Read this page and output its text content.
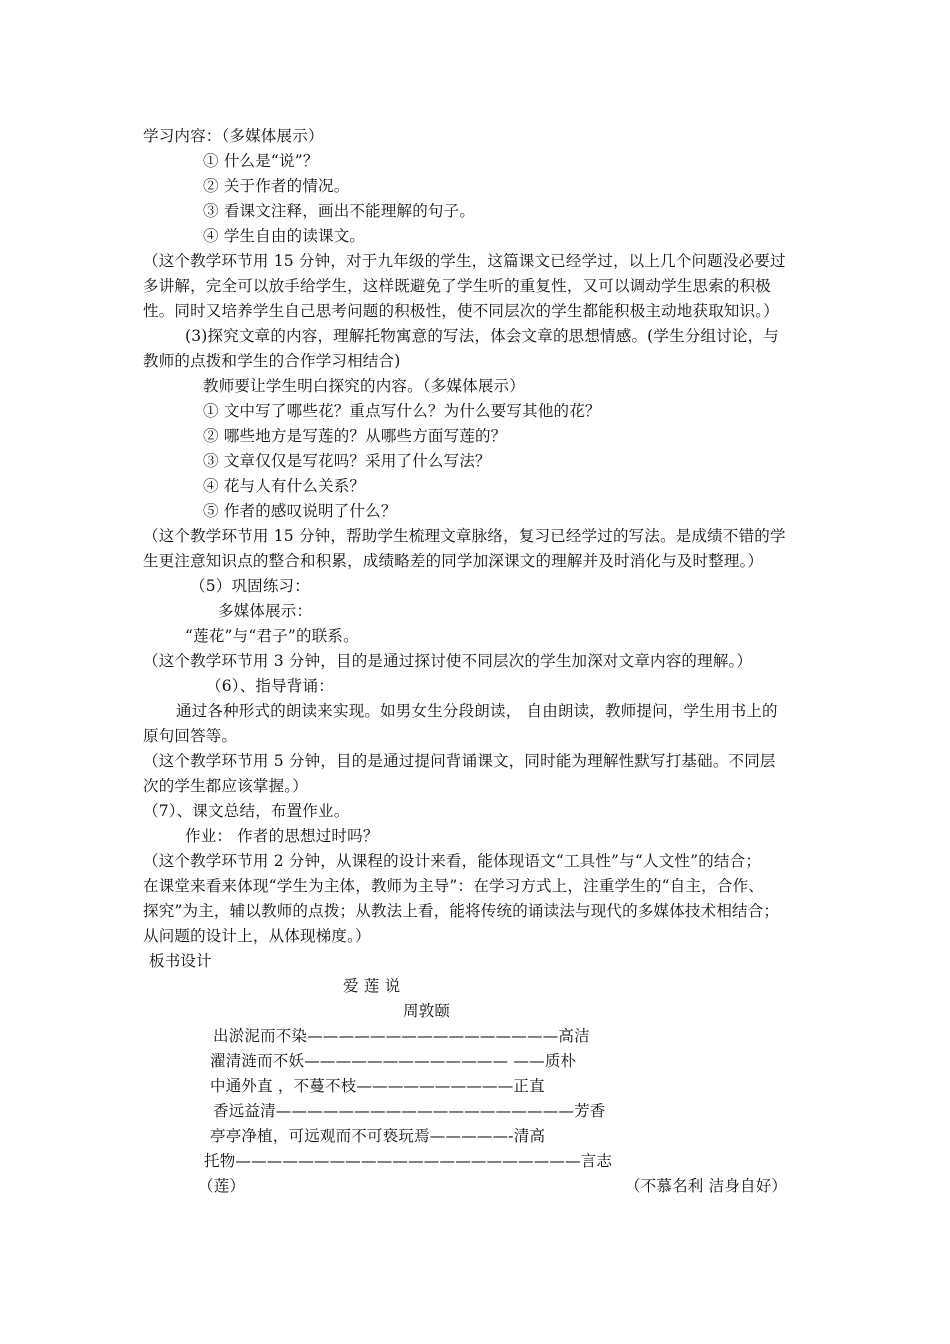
学习内容：（多媒体展示）
① 什么是“说”？
② 关于作者的情况。
③ 看课文注释，画出不能理解的句子。
④ 学生自由的读课文。
（这个教学环节用 15 分钟，对于九年级的学生，这篇课文已经学过，以上几个问题没必要过
多讲解，完全可以放手给学生，这样既避免了学生听的重复性，又可以调动学生思索的积极
性。同时又培养学生自己思考问题的积极性，使不同层次的学生都能积极主动地获取知识。）
(3)探究文章的内容，理解托物寓意的写法，体会文章的思想情感。(学生分组讨论，与
教师的点拨和学生的合作学习相结合)
教师要让学生明白探究的内容。（多媒体展示）
① 文中写了哪些花？重点写什么？为什么要写其他的花？
② 哪些地方是写莲的？从哪些方面写莲的？
③ 文章仅仅是写花吗？采用了什么写法？
④ 花与人有什么关系？
⑤ 作者的感叹说明了什么？
（这个教学环节用 15 分钟，帮助学生梳理文章脉络，复习已经学过的写法。是成绩不错的学
生更注意知识点的整合和积累，成绩略差的同学加深课文的理解并及时消化与及时整理。）
（5）巩固练习：
多媒体展示：
“莲花”与“君子”的联系。
（这个教学环节用 3 分钟，目的是通过探讨使不同层次的学生加深对文章内容的理解。）
（6）、指导背诵：
通过各种形式的朗读来实现。如男女生分段朗读， 自由朗读，教师提问，学生用书上的
原句回答等。
（这个教学环节用 5 分钟，目的是通过提问背诵课文，同时能为理解性默写打基础。不同层
次的学生都应该掌握。）
（7）、课文总结，布置作业。
作业： 作者的思想过时吗？
（这个教学环节用 2 分钟，从课程的设计来看，能体现语文“工具性”与“人文性”的结合；
在课堂来看来体现“学生为主体，教师为主导”：在学习方式上，注重学生的“自主，合作、
探究”为主，辅以教师的点拨；从教法上看，能将传统的诵读法与现代的多媒体技术相结合；
从问题的设计上，从体现梯度。）
板书设计
爱 莲 说
周敦颐
出淤泥而不染————————————————高洁
濯清涟而不妖————————————— ——质朴
中通外直 ，不蔓不枝——————————正直
香远益清———————————————————芳香
亭亭净植，可远观而不可亵玩焉—————-清高
托物——————————————————————言志
（莲）	（不慕名利 洁身自好）
